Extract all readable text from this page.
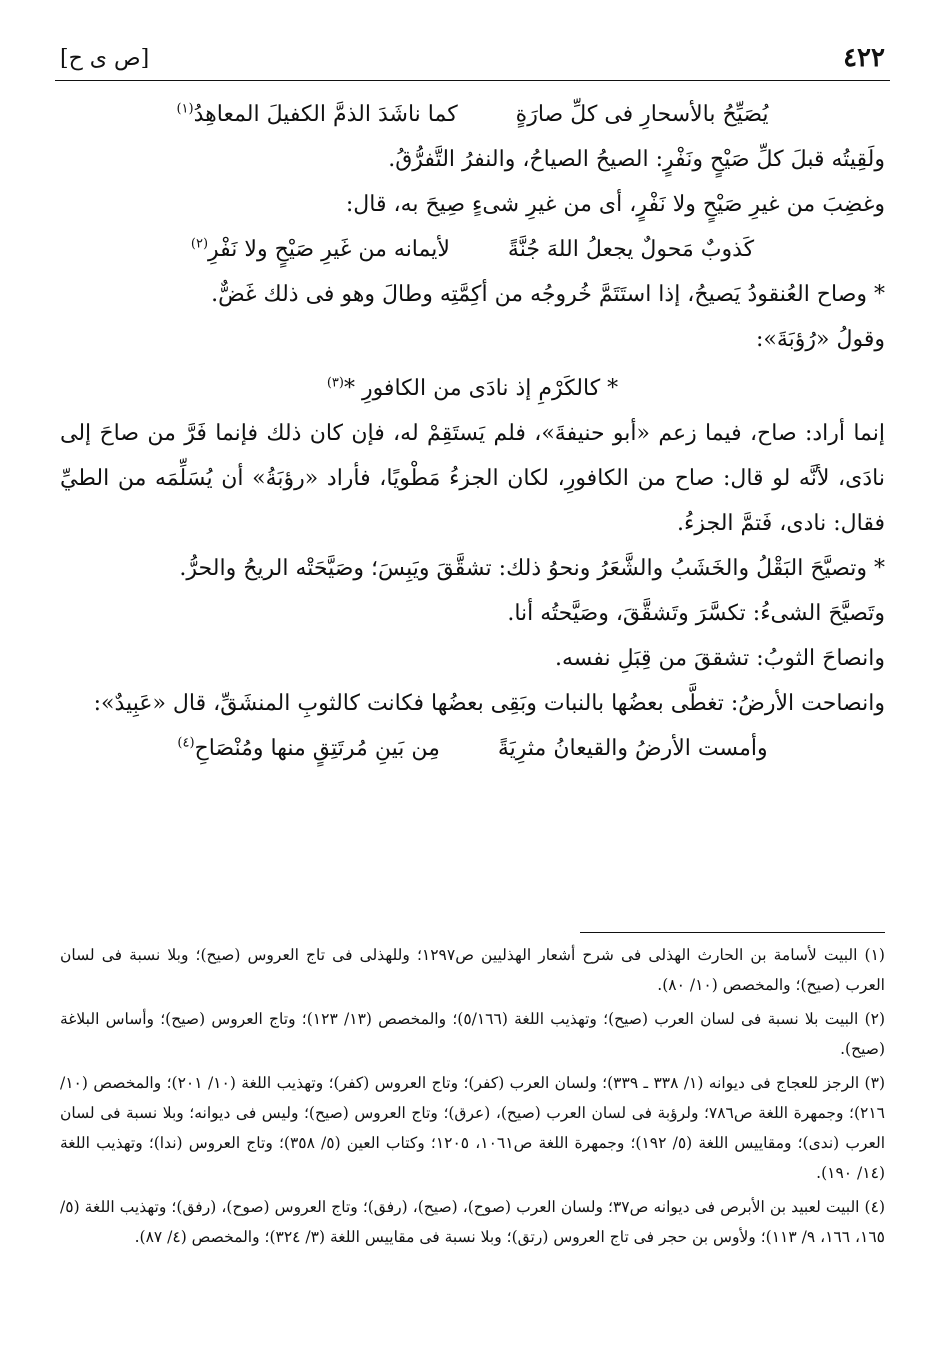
٤٢٢
[ص ى ح]
يُصَيِّحُ بالأسحارِ فى كلِّ صارَةٍ
كما ناشَدَ الذمَّ الكفيلَ المعاهِدُ$^{(١)}$
ولَقِيتُه قبلَ كلِّ صَيْحٍ ونَفْرٍ: الصيحُ الصياحُ، والنفرُ التَّفرُّقُ.
وغضِبَ من غيرِ صَيْحٍ ولا نَفْرٍ، أى من غيرِ شىءٍ صِيحَ به، قال:
كَذوبٌ مَحولٌ يجعلُ اللهَ جُنَّةً
لأيمانه من غَيرِ صَيْحٍ ولا نَفْرِ$^{(٢)}$
* وصاح العُنقودُ يَصيحُ، إذا استَتَمَّ خُروجُه من أكِمَّتِه وطالَ وهو فى ذلك غَضٌّ.
وقولُ «رُؤبَةَ»:
* كالكَرْمِ إذ نادَى من الكافورِ *$^{(٣)}$
إنما أراد: صاح، فيما زعم «أبو حنيفةَ»، فلم يَستَقِمْ له، فإن كان ذلك فإنما فَرَّ من صاحَ إلى نادَى، لأنَّه لو قال: صاح من الكافورِ، لكان الجزءُ مَطْويًا، فأراد «رؤبَةُ» أن يُسَلِّمَه من الطيِّ فقال: نادى، فَتمَّ الجزءُ.
* وتصيَّحَ البَقْلُ والخَشَبُ والشَّعَرُ ونحوُ ذلك: تشقَّقَ ويَبِسَ؛ وصَيَّحَتْه الريحُ والحرُّ.
وتَصيَّحَ الشىءُ: تكسَّرَ وتَشقَّقَ، وصَيَّحتُه أنا.
وانصاحَ الثوبُ: تشققَ من قِبَلِ نفسه.
وانصاحت الأرضُ: تغطَّى بعضُها بالنبات وبَقِى بعضُها فكانت كالثوبِ المنشَقِّ، قال «عَبِيدٌ»:
وأمست الأرضُ والقيعانُ مثرِيَةً
مِن بَينِ مُرتَتِقٍ منها ومُنْصَاحِ$^{(٤)}$
(١) البيت لأسامة بن الحارث الهذلى فى شرح أشعار الهذليين ص١٢٩٧؛ وللهذلى فى تاج العروس (صيح)؛ وبلا نسبة فى لسان العرب (صيح)؛ والمخصص (١٠/ ٨٠).
(٢) البيت بلا نسبة فى لسان العرب (صيح)؛ وتهذيب اللغة (٥/١٦٦)؛ والمخصص (١٣/ ١٢٣)؛ وتاج العروس (صيح)؛ وأساس البلاغة (صيح).
(٣) الرجز للعجاج فى ديوانه (١/ ٣٣٨ ـ ٣٣٩)؛ ولسان العرب (كفر)؛ وتاج العروس (كفر)؛ وتهذيب اللغة (١٠/ ٢٠١)؛ والمخصص (١٠/ ٢١٦)؛ وجمهرة اللغة ص٧٨٦؛ ولرؤبة فى لسان العرب (صيح)، (عرق)؛ وتاج العروس (صيح)؛ وليس فى ديوانه؛ وبلا نسبة فى لسان العرب (ندى)؛ ومقاييس اللغة (٥/ ١٩٢)؛ وجمهرة اللغة ص١٠٦١، ١٢٠٥؛ وكتاب العين (٥/ ٣٥٨)؛ وتاج العروس (ندا)؛ وتهذيب اللغة (١٤/ ١٩٠).
(٤) البيت لعبيد بن الأبرص فى ديوانه ص٣٧؛ ولسان العرب (صوح)، (صيح)، (رفق)؛ وتاج العروس (صوح)، (رفق)؛ وتهذيب اللغة (٥/ ١٦٥، ١٦٦، ٩/ ١١٣)؛ ولأوس بن حجر فى تاج العروس (رتق)؛ وبلا نسبة فى مقاييس اللغة (٣/ ٣٢٤)؛ والمخصص (٤/ ٨٧).
